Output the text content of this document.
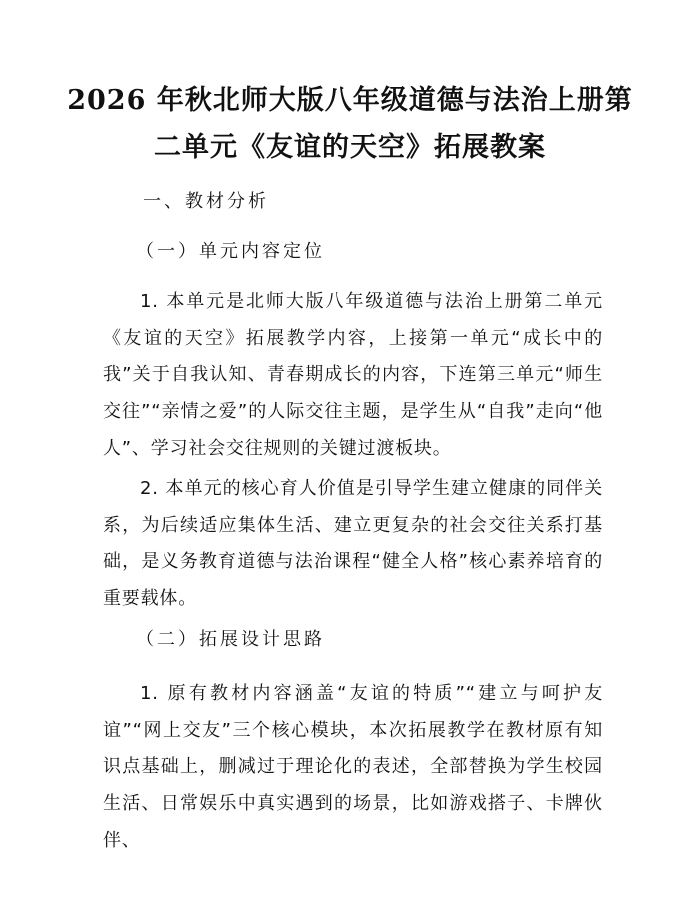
2026 年秋北师大版八年级道德与法治上册第
二单元《友谊的天空》拓展教案
一、教材分析
（一）单元内容定位

1. 本单元是北师大版八年级道德与法治上册第二单元《友谊的天空》拓展教学内容，上接第一单元“成长中的我”关于自我认知、青春期成长的内容，下连第三单元“师生交往”“亲情之爱”的人际交往主题，是学生从“自我”走向“他人”、学习社会交往规则的关键过渡板块。

2. 本单元的核心育人价值是引导学生建立健康的同伴关系，为后续适应集体生活、建立更复杂的社会交往关系打基础，是义务教育道德与法治课程“健全人格”核心素养培育的重要载体。

（二）拓展设计思路

1. 原有教材内容涵盖“友谊的特质”“建立与呵护友谊”“网上交友”三个核心模块，本次拓展教学在教材原有知识点基础上，删减过于理论化的表述，全部替换为学生校园生活、日常娱乐中真实遇到的场景，比如游戏搭子、卡牌伙伴、
